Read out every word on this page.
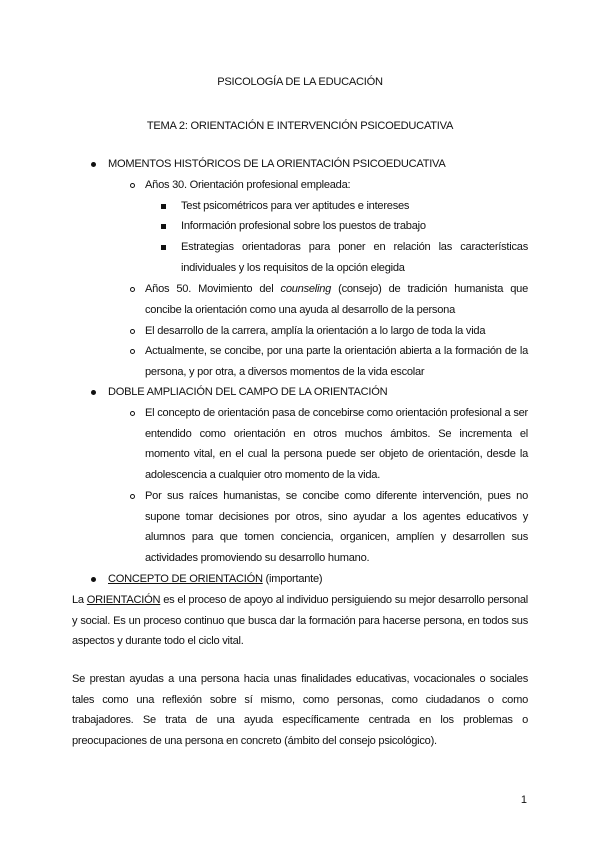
PSICOLOGÍA DE LA EDUCACIÓN
TEMA 2: ORIENTACIÓN E INTERVENCIÓN PSICOEDUCATIVA
MOMENTOS HISTÓRICOS DE LA ORIENTACIÓN PSICOEDUCATIVA
Años 30. Orientación profesional empleada:
Test psicométricos para ver aptitudes e intereses
Información profesional sobre los puestos de trabajo
Estrategias orientadoras para poner en relación las características individuales y los requisitos de la opción elegida
Años 50. Movimiento del counseling (consejo) de tradición humanista que concibe la orientación como una ayuda al desarrollo de la persona
El desarrollo de la carrera, amplía la orientación a lo largo de toda la vida
Actualmente, se concibe, por una parte la orientación abierta a la formación de la persona, y por otra, a diversos momentos de la vida escolar
DOBLE AMPLIACIÓN DEL CAMPO DE LA ORIENTACIÓN
El concepto de orientación pasa de concebirse como orientación profesional a ser entendido como orientación en otros muchos ámbitos. Se incrementa el momento vital, en el cual la persona puede ser objeto de orientación, desde la adolescencia a cualquier otro momento de la vida.
Por sus raíces humanistas, se concibe como diferente intervención, pues no supone tomar decisiones por otros, sino ayudar a los agentes educativos y alumnos para que tomen conciencia, organicen, amplíen y desarrollen sus actividades promoviendo su desarrollo humano.
CONCEPTO DE ORIENTACIÓN (importante)
La ORIENTACIÓN es el proceso de apoyo al individuo persiguiendo su mejor desarrollo personal y social. Es un proceso continuo que busca dar la formación para hacerse persona, en todos sus aspectos y durante todo el ciclo vital.
Se prestan ayudas a una persona hacia unas finalidades educativas, vocacionales o sociales tales como una reflexión sobre sí mismo, como personas, como ciudadanos o como trabajadores. Se trata de una ayuda específicamente centrada en los problemas o preocupaciones de una persona en concreto (ámbito del consejo psicológico).
1
